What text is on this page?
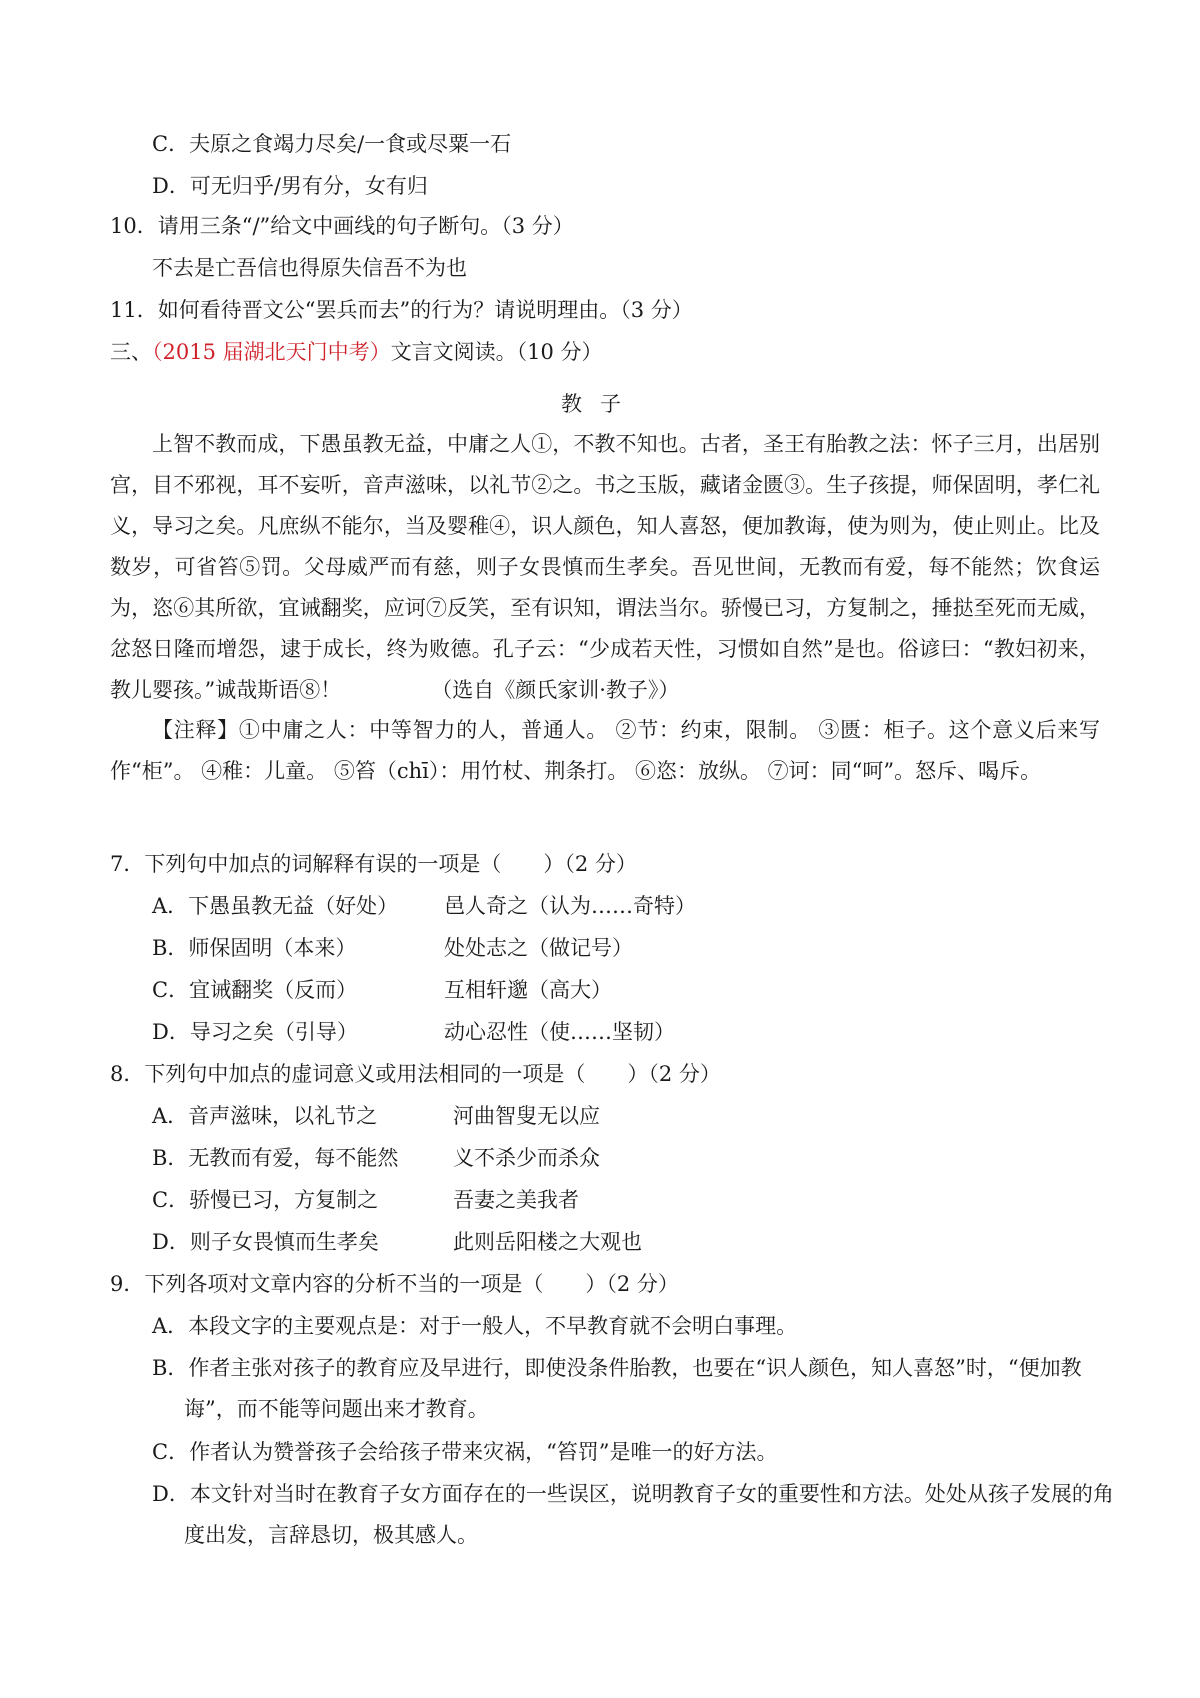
C．夫原之食竭力尽矣/一食或尽粟一石
D．可无归乎/男有分，女有归
10．请用三条“/”给文中画线的句子断句。（3 分）
不去是亡吾信也得原失信吾不为也
11．如何看待晋文公“罢兵而去”的行为？请说明理由。（3 分）
三、（2015 届湖北天门中考）文言文阅读。（10 分）
教子
上智不教而成，下愚虽教无益，中庸之人①，不教不知也。古者，圣王有胎教之法：怀子三月，出居别宫，目不邪视，耳不妄听，音声滋味，以礼节②之。书之玉版，藏诸金匮③。生子孩提，师保固明，孝仁礼义，导习之矣。凡庶纵不能尔，当及婴稚④，识人颜色，知人喜怒，便加教诲，使为则为，使止则止。比及数岁，可省笞⑤罚。父母威严而有慈，则子女畏慎而生孝矣。吾见世间，无教而有爱，每不能然；饮食运为，恣⑥其所欲，宜诫翻奖，应诃⑦反笑，至有识知，谓法当尔。骄慢已习，方复制之，捶挞至死而无威，忿怒日隆而增怨，逮于成长，终为败德。孔子云：“少成若天性，习惯如自然”是也。俗谚曰：“教妇初来，教儿婴孩。”诚哉斯语⑧！	（选自《颜氏家训·教子》）
【注释】①中庸之人：中等智力的人，普通人。 ②节：约束，限制。 ③匮：柜子。这个意义后来写作“柜”。 ④稚：儿童。 ⑤笞（chī）：用竹杖、荆条打。 ⑥恣：放纵。 ⑦诃：同“呵”。怒斥、喝斥。
7．下列句中加点的词解释有误的一项是（　　）（2 分）
A．下愚虽教无益（好处） 邑人奇之（认为……奇特）
B．师保固明（本来）	处处志之（做记号）
C．宜诫翻奖（反而）	互相轩邈（高大）
D．导习之矣（引导）	动心忍性（使……坚韧）
8．下列句中加点的虚词意义或用法相同的一项是（　　）（2 分）
A．音声滋味，以礼节之	河曲智叟无以应
B．无教而有爱，每不能然	义不杀少而杀众
C．骄慢已习，方复制之	吾妻之美我者
D．则子女畏慎而生孝矣	此则岳阳楼之大观也
9．下列各项对文章内容的分析不当的一项是（　　）（2 分）
A．本段文字的主要观点是：对于一般人，不早教育就不会明白事理。
B．作者主张对孩子的教育应及早进行，即使没条件胎教，也要在“识人颜色，知人喜怒”时，“便加教诲”，而不能等问题出来才教育。
C．作者认为赞誉孩子会给孩子带来灾祸，“笞罚”是唯一的好方法。
D．本文针对当时在教育子女方面存在的一些误区，说明教育子女的重要性和方法。处处从孩子发展的角度出发，言辞恳切，极其感人。
